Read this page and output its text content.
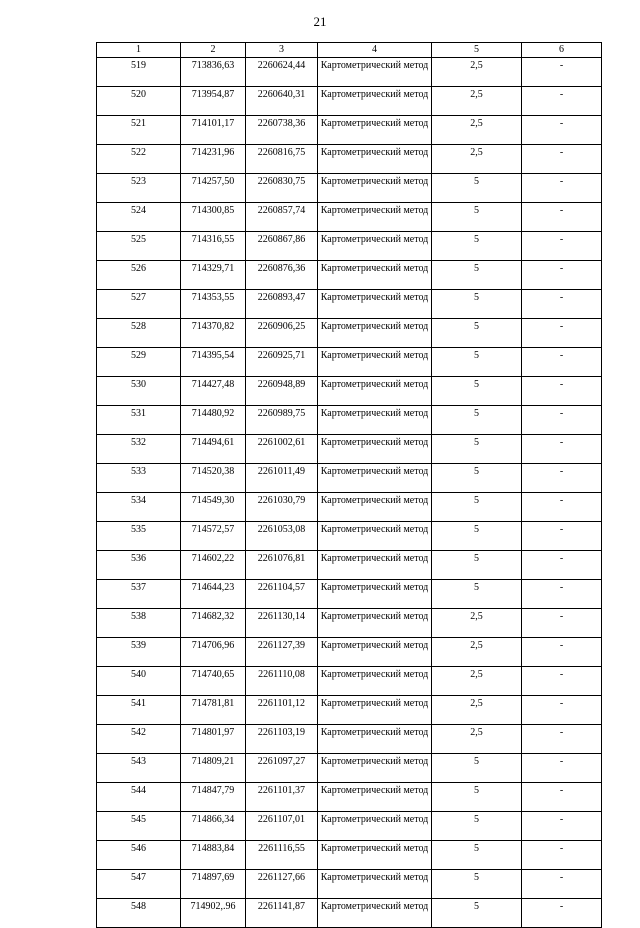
21
1	2	3	4	5	6
519	713836,63	2260624,44	Картометрический метод	2,5	-
520	713954,87	2260640,31	Картометрический метод	2,5	-
521	714101,17	2260738,36	Картометрический метод	2,5	-
522	714231,96	2260816,75	Картометрический метод	2,5	-
523	714257,50	2260830,75	Картометрический метод	5	-
524	714300,85	2260857,74	Картометрический метод	5	-
525	714316,55	2260867,86	Картометрический метод	5	-
526	714329,71	2260876,36	Картометрический метод	5	-
527	714353,55	2260893,47	Картометрический метод	5	-
528	714370,82	2260906,25	Картометрический метод	5	-
529	714395,54	2260925,71	Картометрический метод	5	-
530	714427,48	2260948,89	Картометрический метод	5	-
531	714480,92	2260989,75	Картометрический метод	5	-
532	714494,61	2261002,61	Картометрический метод	5	-
533	714520,38	2261011,49	Картометрический метод	5	-
534	714549,30	2261030,79	Картометрический метод	5	-
535	714572,57	2261053,08	Картометрический метод	5	-
536	714602,22	2261076,81	Картометрический метод	5	-
537	714644,23	2261104,57	Картометрический метод	5	-
538	714682,32	2261130,14	Картометрический метод	2,5	-
539	714706,96	2261127,39	Картометрический метод	2,5	-
540	714740,65	2261110,08	Картометрический метод	2,5	-
541	714781,81	2261101,12	Картометрический метод	2,5	-
542	714801,97	2261103,19	Картометрический метод	2,5	-
543	714809,21	2261097,27	Картометрический метод	5	-
544	714847,79	2261101,37	Картометрический метод	5	-
545	714866,34	2261107,01	Картометрический метод	5	-
546	714883,84	2261116,55	Картометрический метод	5	-
547	714897,69	2261127,66	Картометрический метод	5	-
548	714902,.96	2261141,87	Картометрический метод	5	-
